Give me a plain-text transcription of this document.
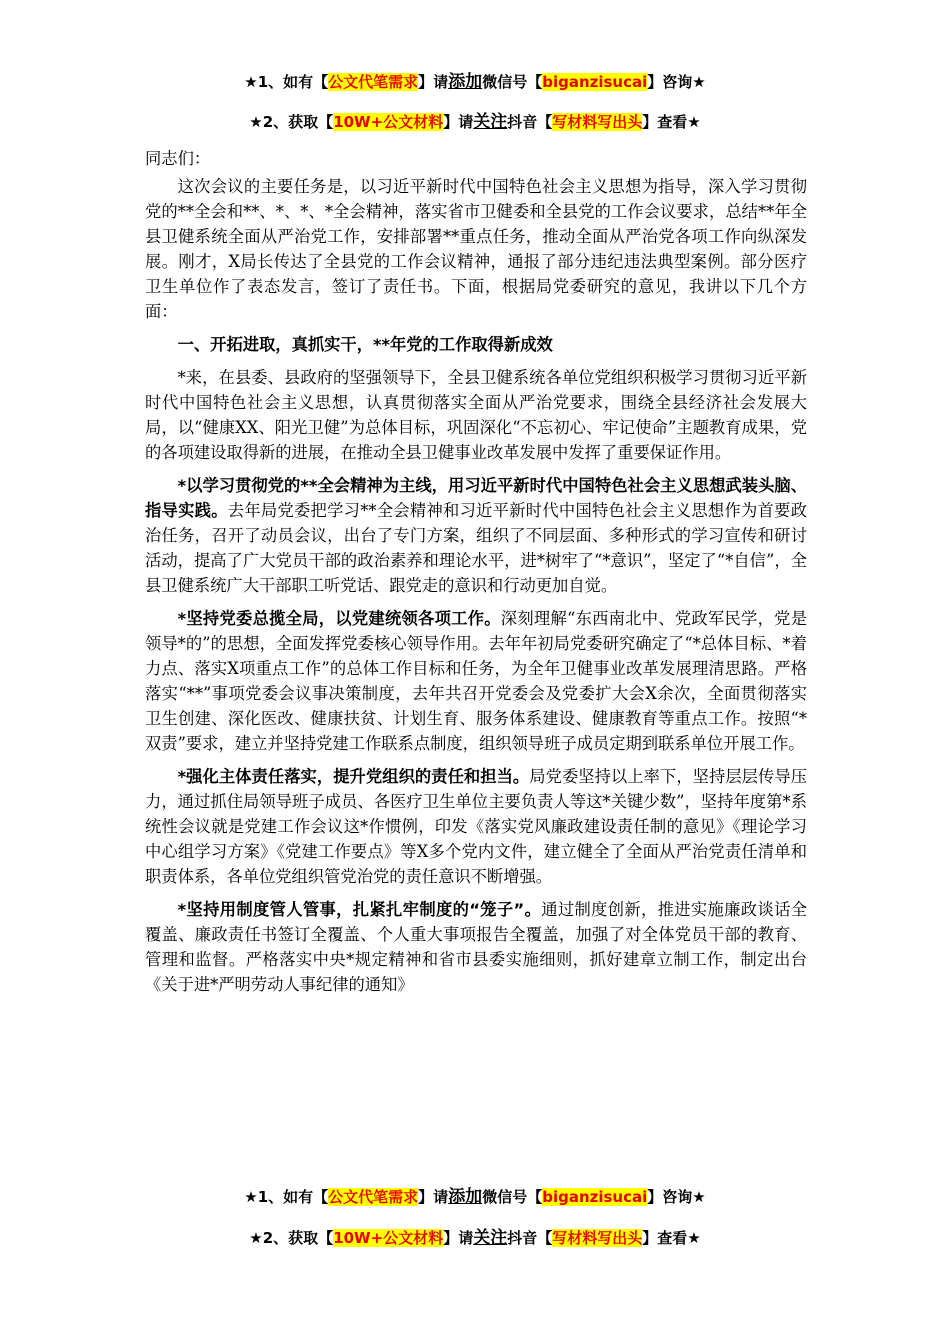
★1、如有【公文代笔需求】请添加微信号【biganzisucai】咨询★
★2、获取【10W+公文材料】请关注抖音【写材料写出头】查看★

同志们：

这次会议的主要任务是，以习近平新时代中国特色社会主义思想为指导，深入学习贯彻党的**全会和**、*、*、*全会精神，落实省市卫健委和全县党的工作会议要求，总结**年全县卫健系统全面从严治党工作，安排部署**重点任务，推动全面从严治党各项工作向纵深发展。刚才，X局长传达了全县党的工作会议精神，通报了部分违纪违法典型案例。部分医疗卫生单位作了表态发言，签订了责任书。下面，根据局党委研究的意见，我讲以下几个方面：

一、开拓进取，真抓实干，**年党的工作取得新成效

*来，在县委、县政府的坚强领导下，全县卫健系统各单位党组织积极学习贯彻习近平新时代中国特色社会主义思想，认真贯彻落实全面从严治党要求，围绕全县经济社会发展大局，以“健康XX、阳光卫健”为总体目标，巩固深化“不忘初心、牢记使命”主题教育成果，党的各项建设取得新的进展，在推动全县卫健事业改革发展中发挥了重要保证作用。

*以学习贯彻党的**全会精神为主线，用习近平新时代中国特色社会主义思想武装头脑、指导实践。去年局党委把学习**全会精神和习近平新时代中国特色社会主义思想作为首要政治任务，召开了动员会议，出台了专门方案，组织了不同层面、多种形式的学习宣传和研讨活动，提高了广大党员干部的政治素养和理论水平，进*树牢了“*意识”，坚定了“*自信”，全县卫健系统广大干部职工听党话、跟党走的意识和行动更加自觉。

*坚持党委总揽全局，以党建统领各项工作。深刻理解“东西南北中、党政军民学，党是领导*的”的思想，全面发挥党委核心领导作用。去年年初局党委研究确定了“*总体目标、*着力点、落实X项重点工作”的总体工作目标和任务，为全年卫健事业改革发展理清思路。严格落实“**”事项党委会议事决策制度，去年共召开党委会及党委扩大会X余次，全面贯彻落实卫生创建、深化医改、健康扶贫、计划生育、服务体系建设、健康教育等重点工作。按照“*双责”要求，建立并坚持党建工作联系点制度，组织领导班子成员定期到联系单位开展工作。

*强化主体责任落实，提升党组织的责任和担当。局党委坚持以上率下，坚持层层传导压力，通过抓住局领导班子成员、各医疗卫生单位主要负责人等这*关键少数”，坚持年度第*系统性会议就是党建工作会议这*作惯例，印发《落实党风廉政建设责任制的意见》《理论学习中心组学习方案》《党建工作要点》等X多个党内文件，建立健全了全面从严治党责任清单和职责体系，各单位党组织管党治党的责任意识不断增强。

*坚持用制度管人管事，扎紧扎牢制度的“笼子”。通过制度创新，推进实施廉政谈话全覆盖、廉政责任书签订全覆盖、个人重大事项报告全覆盖，加强了对全体党员干部的教育、管理和监督。严格落实中央*规定精神和省市县委实施细则，抓好建章立制工作，制定出台《关于进*严明劳动人事纪律的通知》

★1、如有【公文代笔需求】请添加微信号【biganzisucai】咨询★
★2、获取【10W+公文材料】请关注抖音【写材料写出头】查看★
